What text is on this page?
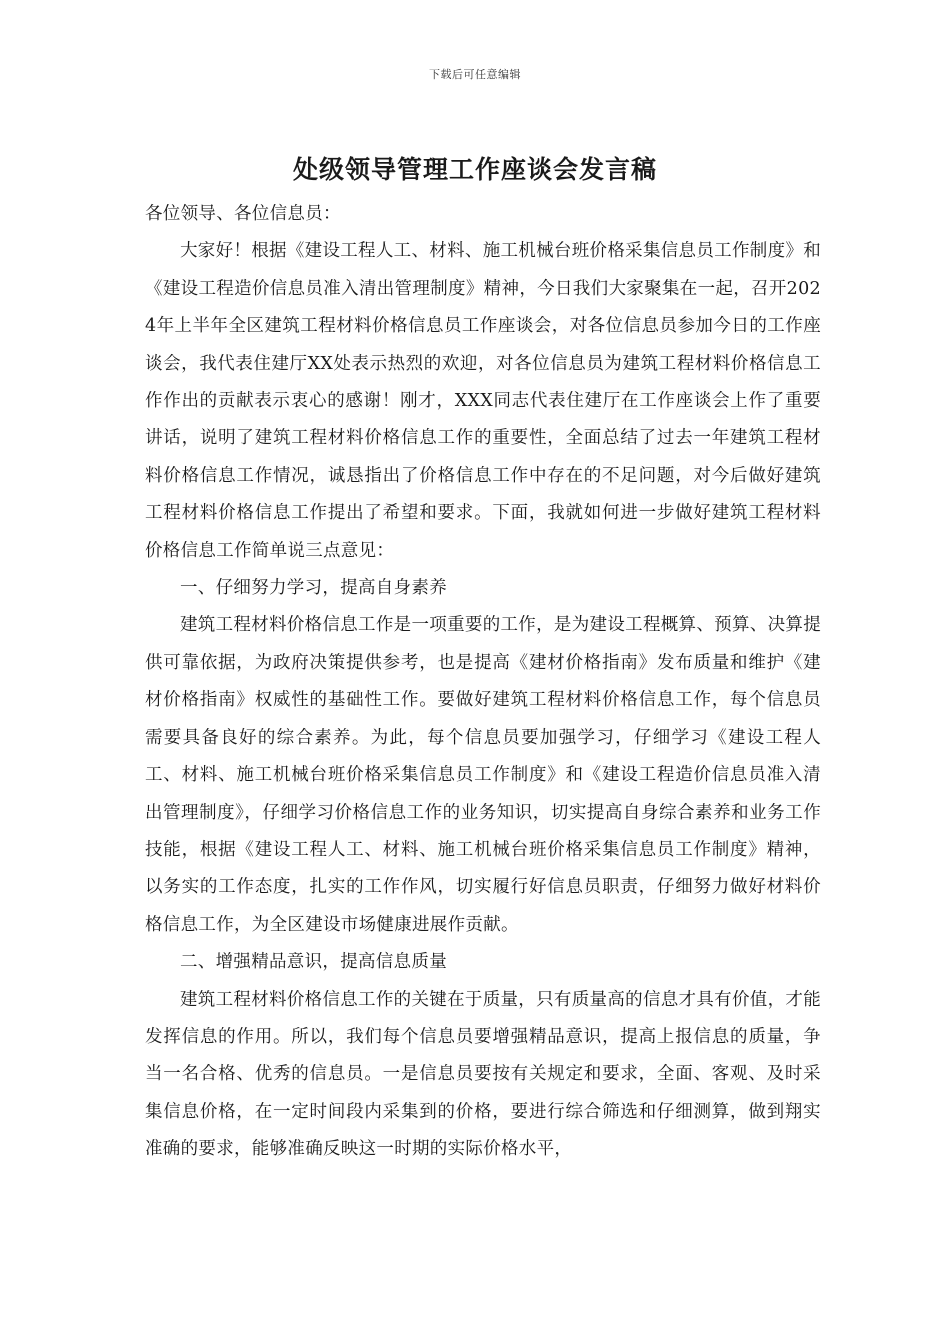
下载后可任意编辑
处级领导管理工作座谈会发言稿

各位领导、各位信息员：

大家好！根据《建设工程人工、材料、施工机械台班价格采集信息员工作制度》和《建设工程造价信息员准入清出管理制度》精神，今日我们大家聚集在一起，召开2024年上半年全区建筑工程材料价格信息员工作座谈会，对各位信息员参加今日的工作座谈会，我代表住建厅XX处表示热烈的欢迎，对各位信息员为建筑工程材料价格信息工作作出的贡献表示衷心的感谢！刚才，XXX同志代表住建厅在工作座谈会上作了重要讲话，说明了建筑工程材料价格信息工作的重要性，全面总结了过去一年建筑工程材料价格信息工作情况，诚恳指出了价格信息工作中存在的不足问题，对今后做好建筑工程材料价格信息工作提出了希望和要求。下面，我就如何进一步做好建筑工程材料价格信息工作简单说三点意见：

一、仔细努力学习，提高自身素养

建筑工程材料价格信息工作是一项重要的工作，是为建设工程概算、预算、决算提供可靠依据，为政府决策提供参考，也是提高《建材价格指南》发布质量和维护《建材价格指南》权威性的基础性工作。要做好建筑工程材料价格信息工作，每个信息员需要具备良好的综合素养。为此，每个信息员要加强学习，仔细学习《建设工程人工、材料、施工机械台班价格采集信息员工作制度》和《建设工程造价信息员准入清出管理制度》，仔细学习价格信息工作的业务知识，切实提高自身综合素养和业务工作技能，根据《建设工程人工、材料、施工机械台班价格采集信息员工作制度》精神，以务实的工作态度，扎实的工作作风，切实履行好信息员职责，仔细努力做好材料价格信息工作，为全区建设市场健康进展作贡献。

二、增强精品意识，提高信息质量

建筑工程材料价格信息工作的关键在于质量，只有质量高的信息才具有价值，才能发挥信息的作用。所以，我们每个信息员要增强精品意识，提高上报信息的质量，争当一名合格、优秀的信息员。一是信息员要按有关规定和要求，全面、客观、及时采集信息价格，在一定时间段内采集到的价格，要进行综合筛选和仔细测算，做到翔实准确的要求，能够准确反映这一时期的实际价格水平，
